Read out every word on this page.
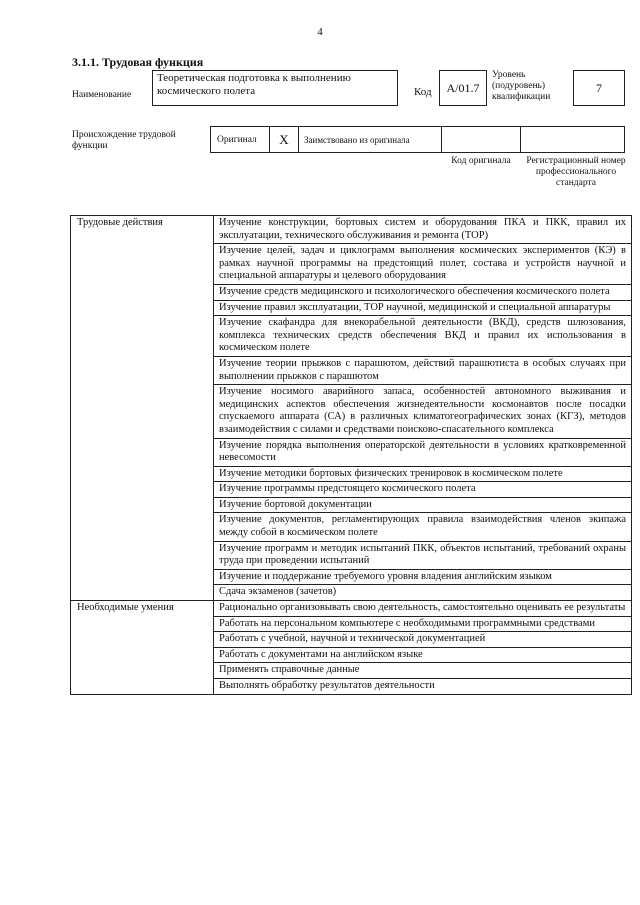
4
3.1.1. Трудовая функция
Наименование
Теоретическая подготовка к выполнению космического полета	Код A/01.7
Уровень (подуровень) квалификации
7
Происхождение трудовой функции
Оригинал X Заимствовано из оригинала
Код оригинала	Регистрационный номер профессионального стандарта
Трудовые действия	Изучение конструкции, бортовых систем и оборудования ПКА и ПКК, правил их эксплуатации, технического обслуживания и ремонта (ТОР)
	Изучение целей, задач и циклограмм выполнения космических экспериментов (КЭ) в рамках научной программы на предстоящий полет, состава и устройств научной и специальной аппаратуры и целевого оборудования
	Изучение средств медицинского и психологического обеспечения космического полета
	Изучение правил эксплуатации, ТОР научной, медицинской и специальной аппаратуры
	Изучение скафандра для внекорабельной деятельности (ВКД), средств шлюзования, комплекса технических средств обеспечения ВКД и правил их использования в космическом полете
	Изучение теории прыжков с парашютом, действий парашютиста в особых случаях при выполнении прыжков с парашютом
	Изучение носимого аварийного запаса, особенностей автономного выживания и медицинских аспектов обеспечения жизнедеятельности космонавтов после посадки спускаемого аппарата (СА) в различных климатогеографических зонах (КГЗ), методов взаимодействия с силами и средствами поисково-спасательного комплекса
	Изучение порядка выполнения операторской деятельности в условиях кратковременной невесомости
	Изучение методики бортовых физических тренировок в космическом полете
	Изучение программы предстоящего космического полета
	Изучение бортовой документации
	Изучение документов, регламентирующих правила взаимодействия членов экипажа между собой в космическом полете
	Изучение программ и методик испытаний ПКК, объектов испытаний, требований охраны труда при проведении испытаний
	Изучение и поддержание требуемого уровня владения английским языком
	Сдача экзаменов (зачетов)
Необходимые умения	Рационально организовывать свою деятельность, самостоятельно оценивать ее результаты
	Работать на персональном компьютере с необходимыми программными средствами
	Работать с учебной, научной и технической документацией
	Работать с документами на английском языке
	Применять справочные данные
	Выполнять обработку результатов деятельности
